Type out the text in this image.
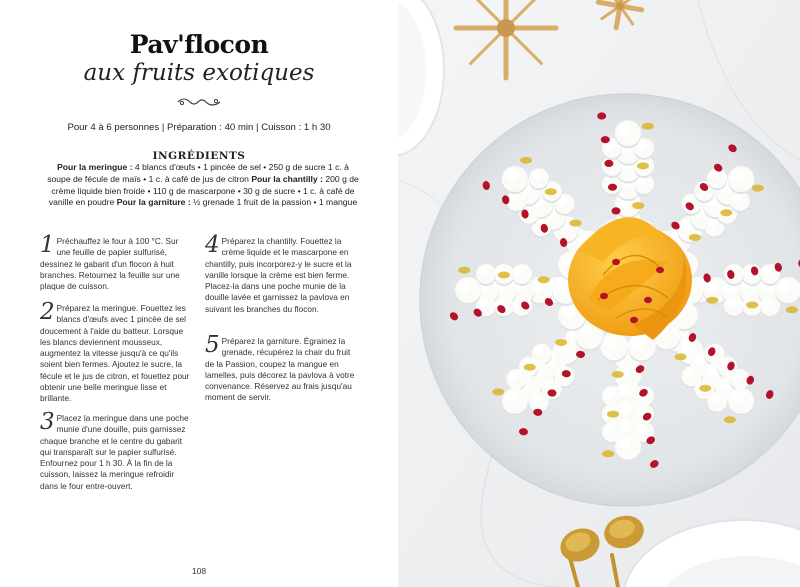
Pav'flocon
aux fruits exotiques
Pour 4 à 6 personnes | Préparation : 40 min | Cuisson : 1 h 30
INGRÉDIENTS
Pour la meringue : 4 blancs d'œufs • 1 pincée de sel • 250 g de sucre 1 c. à soupe de fécule de maïs • 1 c. à café de jus de citron Pour la chantilly : 200 g de crème liquide bien froide • 110 g de mascarpone • 30 g de sucre • 1 c. à café de vanille en poudre Pour la garniture : ½ grenade 1 fruit de la passion • 1 mangue
1 Préchauffez le four à 100 °C. Sur une feuille de papier sulfurisé, dessinez le gabarit d'un flocon à huit branches. Retournez la feuille sur une plaque de cuisson.
2 Préparez la meringue. Fouettez les blancs d'œufs avec 1 pincée de sel doucement à l'aide du batteur. Lorsque les blancs deviennent mousseux, augmentez la vitesse jusqu'à ce qu'ils soient bien fermes. Ajoutez le sucre, la fécule et le jus de citron, et fouettez pour obtenir une belle meringue lisse et brillante.
3 Placez la meringue dans une poche munie d'une douille, puis garnissez chaque branche et le centre du gabarit qui transparaît sur le papier sulfurisé. Enfournez pour 1 h 30. À la fin de la cuisson, laissez la meringue refroidir dans le four entre-ouvert.
4 Préparez la chantilly. Fouettez la crème liquide et le mascarpone en chantilly, puis incorporez-y le sucre et la vanille lorsque la crème est bien ferme. Placez-la dans une poche munie de la douille lavée et garnissez la pavlova en suivant les branches du flocon.
5 Préparez la garniture. Égrainez la grenade, récupérez la chair du fruit de la Passion, coupez la mangue en lamelles, puis décorez la pavlova à votre convenance. Réservez au frais jusqu'au moment de servir.
108
